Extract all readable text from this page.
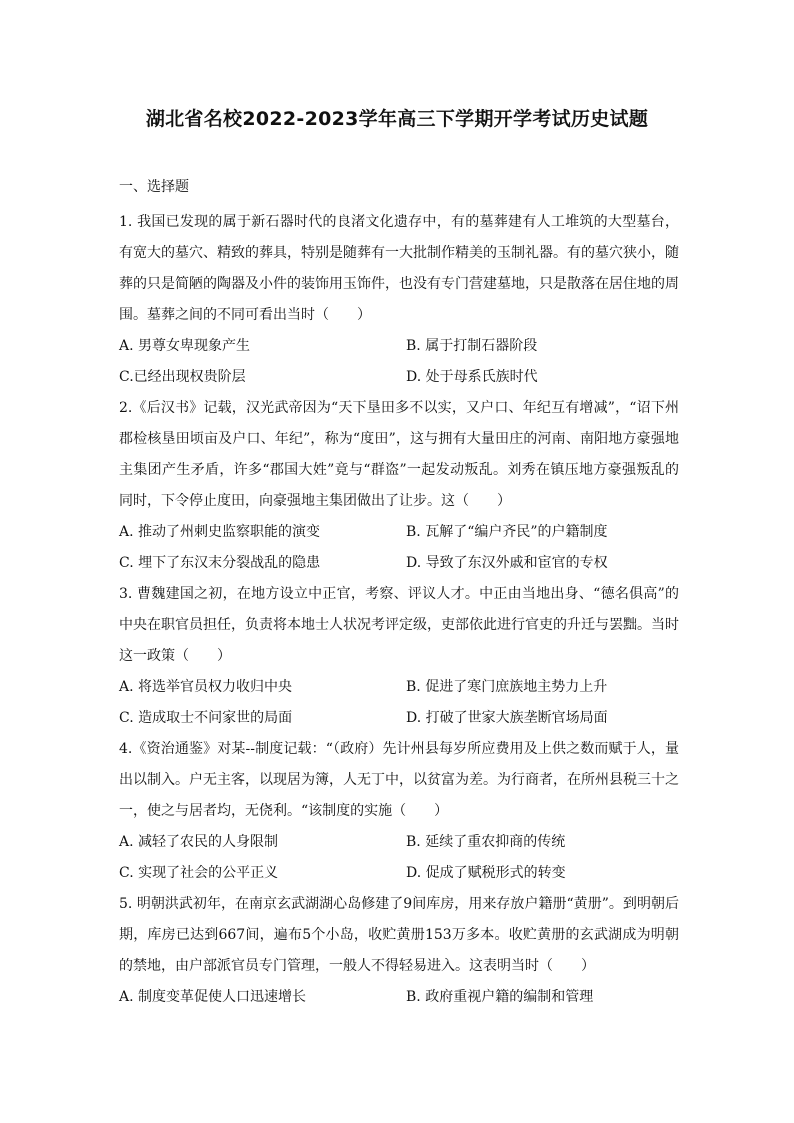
湖北省名校2022-2023学年高三下学期开学考试历史试题
一、选择题

1. 我国已发现的属于新石器时代的良渚文化遗存中，有的墓葬建有人工堆筑的大型墓台，有宽大的墓穴、精致的葬具，特别是随葬有一大批制作精美的玉制礼器。有的墓穴狭小，随葬的只是简陋的陶器及小件的装饰用玉饰件，也没有专门营建墓地，只是散落在居住地的周围。墓葬之间的不同可看出当时（　　）

A. 男尊女卑现象产生	B. 属于打制石器阶段
C.已经出现权贵阶层	D. 处于母系氏族时代

2.《后汉书》记载，汉光武帝因为“天下垦田多不以实，又户口、年纪互有增减”，“诏下州郡检核垦田顷亩及户口、年纪”，称为“度田”，这与拥有大量田庄的河南、南阳地方豪强地主集团产生矛盾，许多“郡国大姓”竟与“群盗”一起发动叛乱。刘秀在镇压地方豪强叛乱的同时，下令停止度田，向豪强地主集团做出了让步。这（　　）

A. 推动了州刺史监察职能的演变	B. 瓦解了“编户齐民”的户籍制度
C. 埋下了东汉末分裂战乱的隐患	D. 导致了东汉外戚和宦官的专权

3. 曹魏建国之初，在地方设立中正官，考察、评议人才。中正由当地出身、“德名俱高”的中央在职官员担任，负责将本地士人状况考评定级，吏部依此进行官吏的升迁与罢黜。当时这一政策（　　）

A. 将选举官员权力收归中央	B. 促进了寒门庶族地主势力上升
C. 造成取士不问家世的局面	D. 打破了世家大族垄断官场局面

4.《资治通鉴》对某--制度记载：“（政府）先计州县每岁所应费用及上供之数而赋于人，量出以制入。户无主客，以现居为簿，人无丁中，以贫富为差。为行商者，在所州县税三十之一，使之与居者均，无侥利。“该制度的实施（　　）

A. 减轻了农民的人身限制	B. 延续了重农抑商的传统
C. 实现了社会的公平正义	D. 促成了赋税形式的转变

5. 明朝洪武初年，在南京玄武湖湖心岛修建了9间库房，用来存放户籍册“黄册”。到明朝后期，库房已达到667间，遍布5个小岛，收贮黄册153万多本。收贮黄册的玄武湖成为明朝的禁地，由户部派官员专门管理，一般人不得轻易进入。这表明当时（　　）

A. 制度变革促使人口迅速增长	B. 政府重视户籍的编制和管理
